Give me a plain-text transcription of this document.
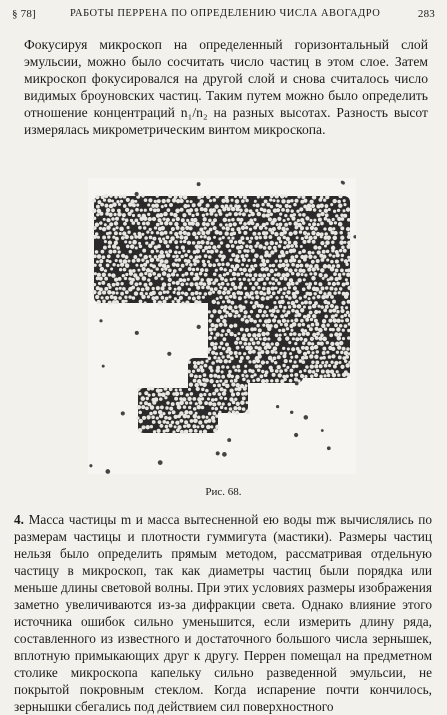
§ 78]	РАБОТЫ ПЕРРЕНА ПО ОПРЕДЕЛЕНИЮ ЧИСЛА АВОГАДРО	283
Фокусируя микроскоп на определенный горизонтальный слой эмульсии, можно было сосчитать число частиц в этом слое. Затем микроскоп фокусировался на другой слой и снова считалось число видимых броуновских частиц. Таким путем можно было определить отношение концентраций n₁/n₂ на разных высотах. Разность высот измерялась микрометрическим винтом микроскопа.
Рис. 68.
4. Масса частицы m и масса вытесненной ею воды mж вычислялись по размерам частицы и плотности гуммигута (мастики). Размеры частиц нельзя было определить прямым методом, рассматривая отдельную частицу в микроскоп, так как диаметры частиц были порядка или меньше длины световой волны. При этих условиях размеры изображения заметно увеличиваются из-за дифракции света. Однако влияние этого источника ошибок сильно уменьшится, если измерить длину ряда, составленного из известного и достаточного большого числа зернышек, вплотную примыкающих друг к другу. Перрен помещал на предметном столике микроскопа капельку сильно разведенной эмульсии, не покрытой покровным стеклом. Когда испарение почти кончилось, зернышки сбегались под действием сил поверхностного
